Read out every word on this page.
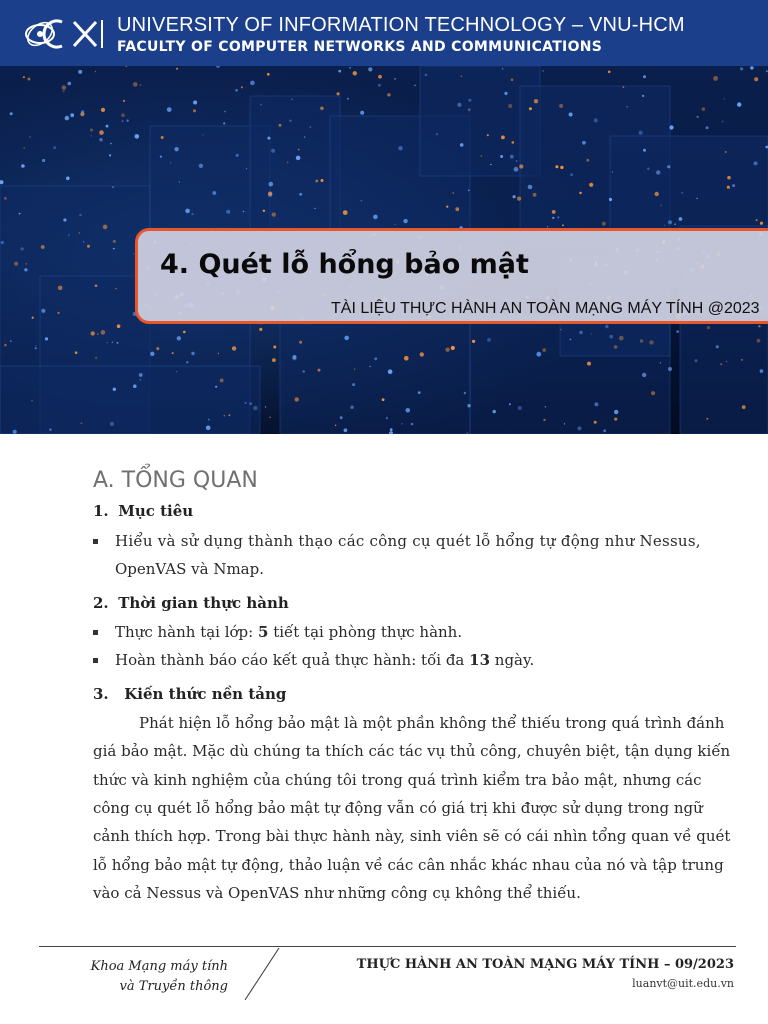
UNIVERSITY OF INFORMATION TECHNOLOGY – VNU-HCM
FACULTY OF COMPUTER NETWORKS AND COMMUNICATIONS
4. Quét lỗ hổng bảo mật
TÀI LIỆU THỰC HÀNH AN TOÀN MẠNG MÁY TÍNH @2023
A. TỔNG QUAN
1. Mục tiêu
Hiểu và sử dụng thành thạo các công cụ quét lỗ hổng tự động như Nessus,
OpenVAS và Nmap.
2. Thời gian thực hành
Thực hành tại lớp: 5 tiết tại phòng thực hành.
Hoàn thành báo cáo kết quả thực hành: tối đa 13 ngày.
3. Kiến thức nền tảng
Phát hiện lỗ hổng bảo mật là một phần không thể thiếu trong quá trình đánh
giá bảo mật. Mặc dù chúng ta thích các tác vụ thủ công, chuyên biệt, tận dụng kiến
thức và kinh nghiệm của chúng tôi trong quá trình kiểm tra bảo mật, nhưng các
công cụ quét lỗ hổng bảo mật tự động vẫn có giá trị khi được sử dụng trong ngữ
cảnh thích hợp. Trong bài thực hành này, sinh viên sẽ có cái nhìn tổng quan về quét
lỗ hổng bảo mật tự động, thảo luận về các cân nhắc khác nhau của nó và tập trung
vào cả Nessus và OpenVAS như những công cụ không thể thiếu.
Khoa Mạng máy tính
và Truyền thông
THỰC HÀNH AN TOÀN MẠNG MÁY TÍNH – 09/2023
luanvt@uit.edu.vn
